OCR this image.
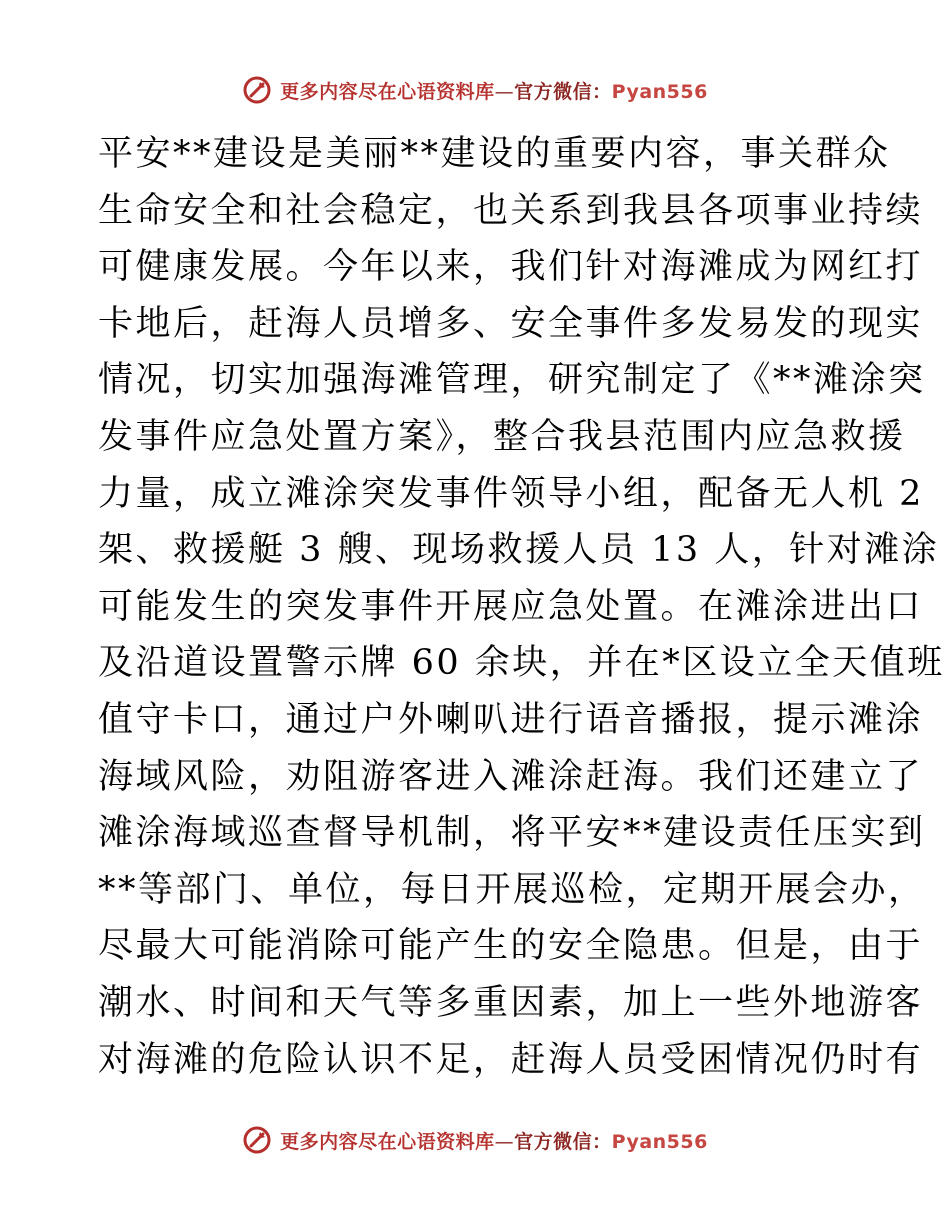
更多内容尽在心语资料库—官方微信：Pyan556
平安**建设是美丽**建设的重要内容，事关群众
生命安全和社会稳定，也关系到我县各项事业持续
可健康发展。今年以来，我们针对海滩成为网红打
卡地后，赶海人员增多、安全事件多发易发的现实
情况，切实加强海滩管理，研究制定了《**滩涂突
发事件应急处置方案》，整合我县范围内应急救援
力量，成立滩涂突发事件领导小组，配备无人机 2
架、救援艇 3 艘、现场救援人员 13 人，针对滩涂
可能发生的突发事件开展应急处置。在滩涂进出口
及沿道设置警示牌 60 余块，并在*区设立全天值班
值守卡口，通过户外喇叭进行语音播报，提示滩涂
海域风险，劝阻游客进入滩涂赶海。我们还建立了
滩涂海域巡查督导机制，将平安**建设责任压实到
**等部门、单位，每日开展巡检，定期开展会办，
尽最大可能消除可能产生的安全隐患。但是，由于
潮水、时间和天气等多重因素，加上一些外地游客
对海滩的危险认识不足，赶海人员受困情况仍时有
更多内容尽在心语资料库—官方微信：Pyan556
